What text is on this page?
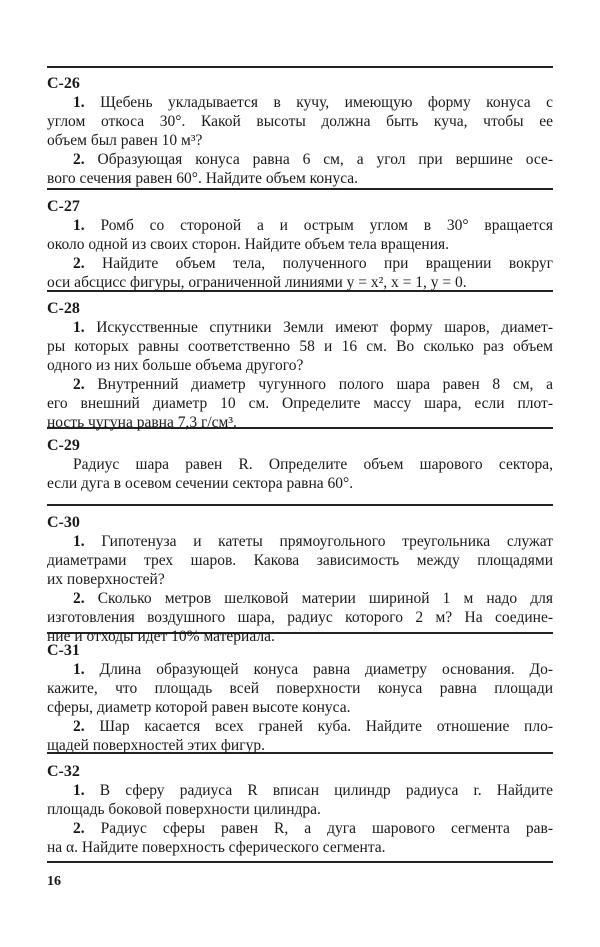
С-26
1. Щебень укладывается в кучу, имеющую форму конуса с
углом откоса 30°. Какой высоты должна быть куча, чтобы ее
объем был равен 10 м³?
2. Образующая конуса равна 6 см, а угол при вершине осе-
вого сечения равен 60°. Найдите объем конуса.
С-27
1. Ромб со стороной a и острым углом в 30° вращается
около одной из своих сторон. Найдите объем тела вращения.
2. Найдите объем тела, полученного при вращении вокруг
оси абсцисс фигуры, ограниченной линиями y = x², x = 1, y = 0.
С-28
1. Искусственные спутники Земли имеют форму шаров, диамет-
ры которых равны соответственно 58 и 16 см. Во сколько раз объем
одного из них больше объема другого?
2. Внутренний диаметр чугунного полого шара равен 8 см, а
его внешний диаметр 10 см. Определите массу шара, если плот-
ность чугуна равна 7,3 г/см³.
С-29
Радиус шара равен R. Определите объем шарового сектора,
если дуга в осевом сечении сектора равна 60°.
С-30
1. Гипотенуза и катеты прямоугольного треугольника служат
диаметрами трех шаров. Какова зависимость между площадями
их поверхностей?
2. Сколько метров шелковой материи шириной 1 м надо для
изготовления воздушного шара, радиус которого 2 м? На соедине-
ние и отходы идет 10% материала.
С-31
1. Длина образующей конуса равна диаметру основания. До-
кажите, что площадь всей поверхности конуса равна площади
сферы, диаметр которой равен высоте конуса.
2. Шар касается всех граней куба. Найдите отношение пло-
щадей поверхностей этих фигур.
С-32
1. В сферу радиуса R вписан цилиндр радиуса r. Найдите
площадь боковой поверхности цилиндра.
2. Радиус сферы равен R, а дуга шарового сегмента рав-
на α. Найдите поверхность сферического сегмента.
16
